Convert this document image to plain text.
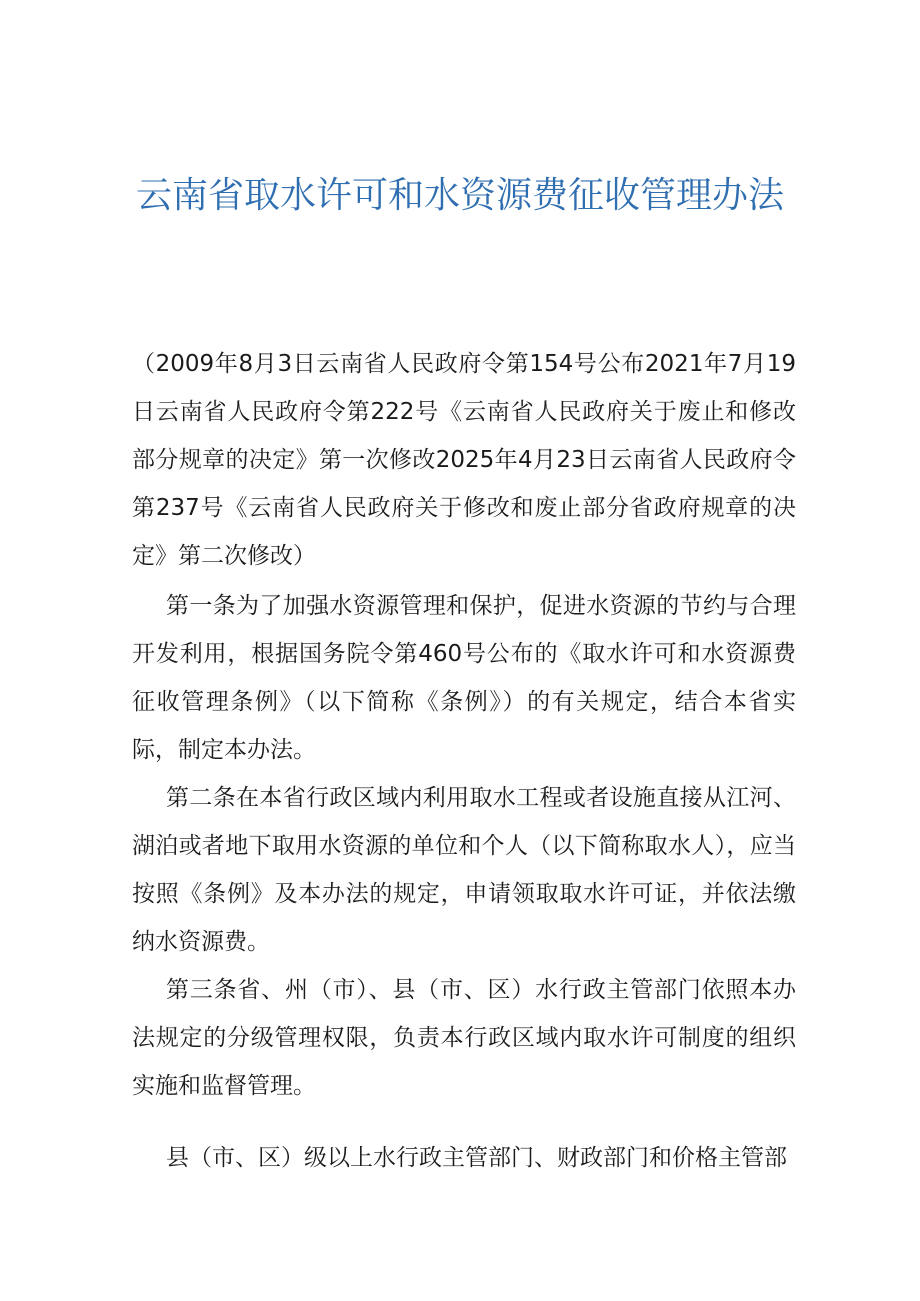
云南省取水许可和水资源费征收管理办法

（2009年8月3日云南省人民政府令第154号公布2021年7月19日云南省人民政府令第222号《云南省人民政府关于废止和修改部分规章的决定》第一次修改2025年4月23日云南省人民政府令第237号《云南省人民政府关于修改和废止部分省政府规章的决定》第二次修改）

第一条为了加强水资源管理和保护，促进水资源的节约与合理开发利用，根据国务院令第460号公布的《取水许可和水资源费征收管理条例》（以下简称《条例》）的有关规定，结合本省实际，制定本办法。

第二条在本省行政区域内利用取水工程或者设施直接从江河、湖泊或者地下取用水资源的单位和个人（以下简称取水人），应当按照《条例》及本办法的规定，申请领取取水许可证，并依法缴纳水资源费。

第三条省、州（市）、县（市、区）水行政主管部门依照本办法规定的分级管理权限，负责本行政区域内取水许可制度的组织实施和监督管理。

县（市、区）级以上水行政主管部门、财政部门和价格主管部
